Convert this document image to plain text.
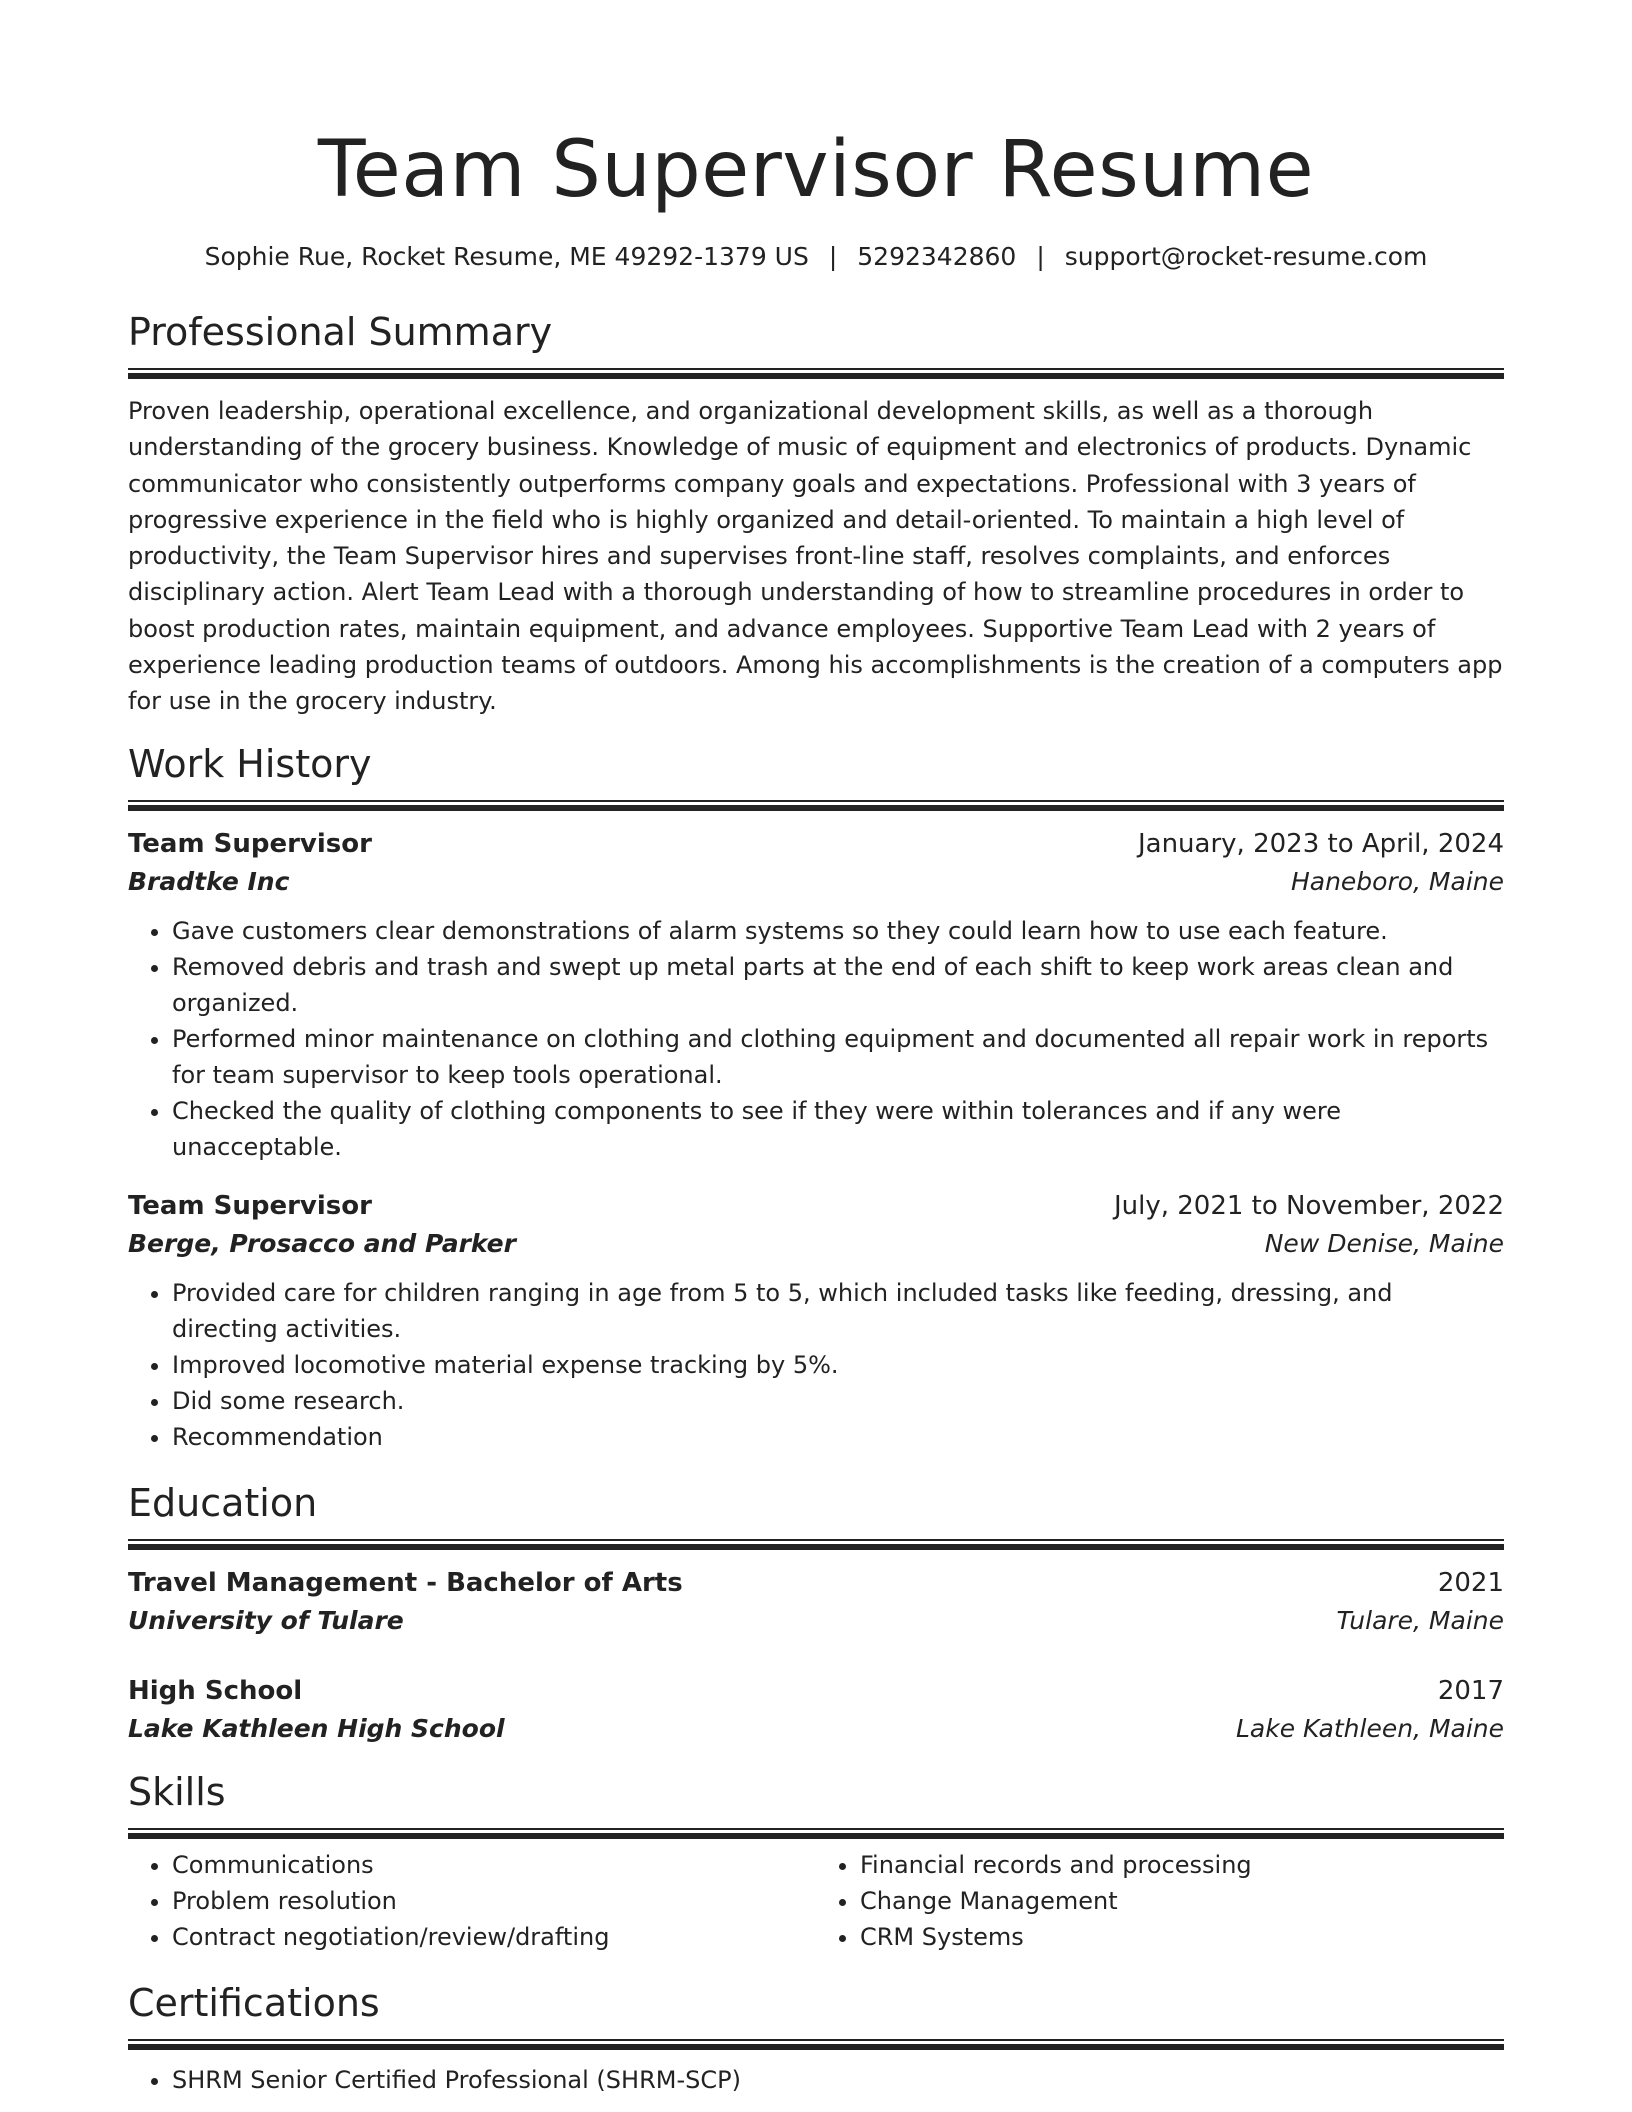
Team Supervisor Resume
Sophie Rue, Rocket Resume, ME 49292-1379 US | 5292342860 | support@rocket-resume.com
Professional Summary
Proven leadership, operational excellence, and organizational development skills, as well as a thorough understanding of the grocery business. Knowledge of music of equipment and electronics of products. Dynamic communicator who consistently outperforms company goals and expectations. Professional with 3 years of progressive experience in the field who is highly organized and detail-oriented. To maintain a high level of productivity, the Team Supervisor hires and supervises front-line staff, resolves complaints, and enforces disciplinary action. Alert Team Lead with a thorough understanding of how to streamline procedures in order to boost production rates, maintain equipment, and advance employees. Supportive Team Lead with 2 years of experience leading production teams of outdoors. Among his accomplishments is the creation of a computers app for use in the grocery industry.
Work History
Team Supervisor	January, 2023 to April, 2024
Bradtke Inc	Haneboro, Maine
• Gave customers clear demonstrations of alarm systems so they could learn how to use each feature.
• Removed debris and trash and swept up metal parts at the end of each shift to keep work areas clean and organized.
• Performed minor maintenance on clothing and clothing equipment and documented all repair work in reports for team supervisor to keep tools operational.
• Checked the quality of clothing components to see if they were within tolerances and if any were unacceptable.
Team Supervisor	July, 2021 to November, 2022
Berge, Prosacco and Parker	New Denise, Maine
• Provided care for children ranging in age from 5 to 5, which included tasks like feeding, dressing, and directing activities.
• Improved locomotive material expense tracking by 5%.
• Did some research.
• Recommendation
Education
Travel Management - Bachelor of Arts	2021
University of Tulare	Tulare, Maine
High School	2017
Lake Kathleen High School	Lake Kathleen, Maine
Skills
• Communications
• Problem resolution
• Contract negotiation/review/drafting
• Financial records and processing
• Change Management
• CRM Systems
Certifications
• SHRM Senior Certified Professional (SHRM-SCP)
